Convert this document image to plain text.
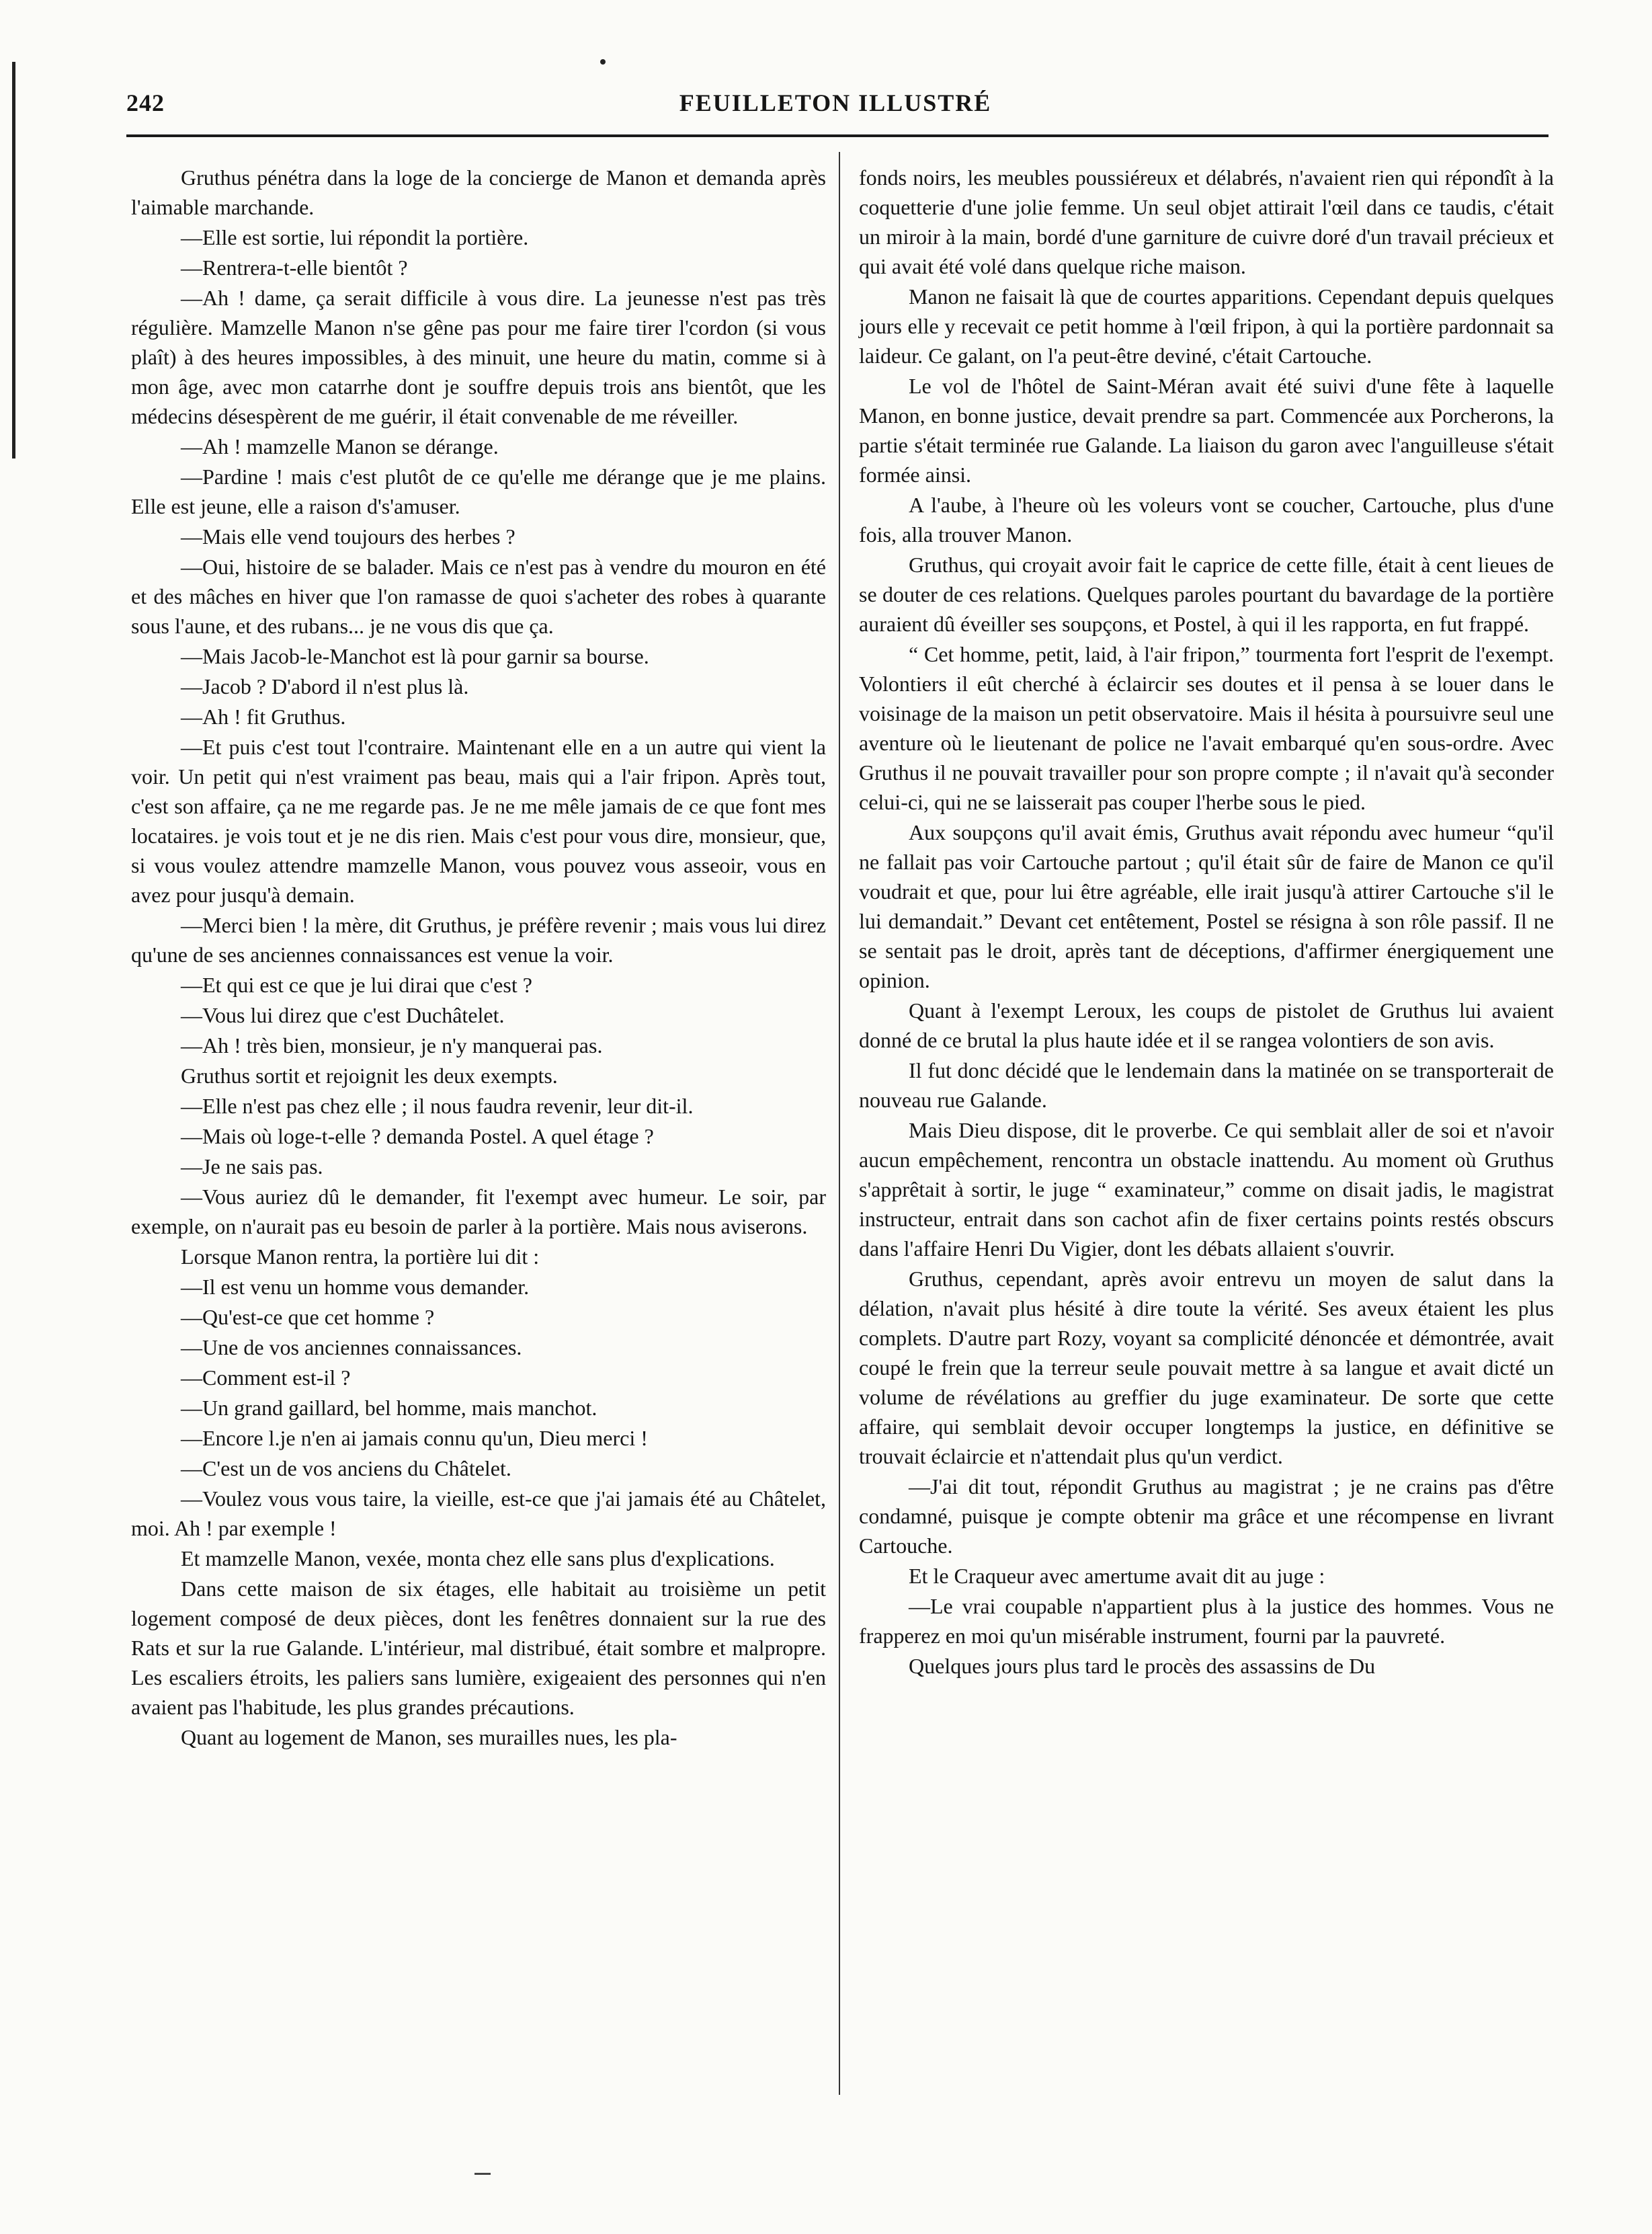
242	FEUILLETON ILLUSTRÉ

Gruthus pénétra dans la loge de la concierge de Manon et demanda après l'aimable marchande.

—Elle est sortie, lui répondit la portière.

—Rentrera-t-elle bientôt ?

—Ah ! dame, ça serait difficile à vous dire. La jeunesse n'est pas très régulière. Mamzelle Manon n'se gêne pas pour me faire tirer l'cordon (si vous plaît) à des heures impossibles, à des minuit, une heure du matin, comme si à mon âge, avec mon catarrhe dont je souffre depuis trois ans bientôt, que les médecins désespèrent de me guérir, il était convenable de me réveiller.

—Ah ! mamzelle Manon se dérange.

—Pardine ! mais c'est plutôt de ce qu'elle me dérange que je me plains. Elle est jeune, elle a raison d's'amuser.

—Mais elle vend toujours des herbes ?

—Oui, histoire de se balader. Mais ce n'est pas à vendre du mouron en été et des mâches en hiver que l'on ramasse de quoi s'acheter des robes à quarante sous l'aune, et des rubans... je ne vous dis que ça.

—Mais Jacob-le-Manchot est là pour garnir sa bourse.

—Jacob ? D'abord il n'est plus là.

—Ah ! fit Gruthus.

—Et puis c'est tout l'contraire. Maintenant elle en a un autre qui vient la voir. Un petit qui n'est vraiment pas beau, mais qui a l'air fripon. Après tout, c'est son affaire, ça ne me regarde pas. Je ne me mêle jamais de ce que font mes locataires. je vois tout et je ne dis rien. Mais c'est pour vous dire, monsieur, que, si vous voulez attendre mamzelle Manon, vous pouvez vous asseoir, vous en avez pour jusqu'à demain.

—Merci bien ! la mère, dit Gruthus, je préfère revenir ; mais vous lui direz qu'une de ses anciennes connaissances est venue la voir.

—Et qui est ce que je lui dirai que c'est ?

—Vous lui direz que c'est Duchâtelet.

—Ah ! très bien, monsieur, je n'y manquerai pas.

Gruthus sortit et rejoignit les deux exempts.

—Elle n'est pas chez elle ; il nous faudra revenir, leur dit-il.

—Mais où loge-t-elle ? demanda Postel. A quel étage ?

—Je ne sais pas.

—Vous auriez dû le demander, fit l'exempt avec humeur. Le soir, par exemple, on n'aurait pas eu besoin de parler à la portière. Mais nous aviserons.

Lorsque Manon rentra, la portière lui dit :

—Il est venu un homme vous demander.

—Qu'est-ce que cet homme ?

—Une de vos anciennes connaissances.

—Comment est-il ?

—Un grand gaillard, bel homme, mais manchot.

—Encore l.je n'en ai jamais connu qu'un, Dieu merci !

—C'est un de vos anciens du Châtelet.

—Voulez vous vous taire, la vieille, est-ce que j'ai jamais été au Châtelet, moi. Ah ! par exemple !

Et mamzelle Manon, vexée, monta chez elle sans plus d'explications.

Dans cette maison de six étages, elle habitait au troisième un petit logement composé de deux pièces, dont les fenêtres donnaient sur la rue des Rats et sur la rue Galande. L'intérieur, mal distribué, était sombre et malpropre. Les escaliers étroits, les paliers sans lumière, exigeaient des personnes qui n'en avaient pas l'habitude, les plus grandes précautions.

Quant au logement de Manon, ses murailles nues, les pla-

fonds noirs, les meubles poussiéreux et délabrés, n'avaient rien qui répondît à la coquetterie d'une jolie femme. Un seul objet attirait l'œil dans ce taudis, c'était un miroir à la main, bordé d'une garniture de cuivre doré d'un travail précieux et qui avait été volé dans quelque riche maison.

Manon ne faisait là que de courtes apparitions. Cependant depuis quelques jours elle y recevait ce petit homme à l'œil fripon, à qui la portière pardonnait sa laideur. Ce galant, on l'a peut-être deviné, c'était Cartouche.

Le vol de l'hôtel de Saint-Méran avait été suivi d'une fête à laquelle Manon, en bonne justice, devait prendre sa part. Commencée aux Porcherons, la partie s'était terminée rue Galande. La liaison du garon avec l'anguilleuse s'était formée ainsi.

A l'aube, à l'heure où les voleurs vont se coucher, Cartouche, plus d'une fois, alla trouver Manon.

Gruthus, qui croyait avoir fait le caprice de cette fille, était à cent lieues de se douter de ces relations. Quelques paroles pourtant du bavardage de la portière auraient dû éveiller ses soupçons, et Postel, à qui il les rapporta, en fut frappé.

“ Cet homme, petit, laid, à l'air fripon,” tourmenta fort l'esprit de l'exempt. Volontiers il eût cherché à éclaircir ses doutes et il pensa à se louer dans le voisinage de la maison un petit observatoire. Mais il hésita à poursuivre seul une aventure où le lieutenant de police ne l'avait embarqué qu'en sous-ordre. Avec Gruthus il ne pouvait travailler pour son propre compte ; il n'avait qu'à seconder celui-ci, qui ne se laisserait pas couper l'herbe sous le pied.

Aux soupçons qu'il avait émis, Gruthus avait répondu avec humeur “qu'il ne fallait pas voir Cartouche partout ; qu'il était sûr de faire de Manon ce qu'il voudrait et que, pour lui être agréable, elle irait jusqu'à attirer Cartouche s'il le lui demandait.” Devant cet entêtement, Postel se résigna à son rôle passif. Il ne se sentait pas le droit, après tant de déceptions, d'affirmer énergiquement une opinion.

Quant à l'exempt Leroux, les coups de pistolet de Gruthus lui avaient donné de ce brutal la plus haute idée et il se rangea volontiers de son avis.

Il fut donc décidé que le lendemain dans la matinée on se transporterait de nouveau rue Galande.

Mais Dieu dispose, dit le proverbe. Ce qui semblait aller de soi et n'avoir aucun empêchement, rencontra un obstacle inattendu. Au moment où Gruthus s'apprêtait à sortir, le juge “ examinateur,” comme on disait jadis, le magistrat instructeur, entrait dans son cachot afin de fixer certains points restés obscurs dans l'affaire Henri Du Vigier, dont les débats allaient s'ouvrir.

Gruthus, cependant, après avoir entrevu un moyen de salut dans la délation, n'avait plus hésité à dire toute la vérité. Ses aveux étaient les plus complets. D'autre part Rozy, voyant sa complicité dénoncée et démontrée, avait coupé le frein que la terreur seule pouvait mettre à sa langue et avait dicté un volume de révélations au greffier du juge examinateur. De sorte que cette affaire, qui semblait devoir occuper longtemps la justice, en définitive se trouvait éclaircie et n'attendait plus qu'un verdict.

—J'ai dit tout, répondit Gruthus au magistrat ; je ne crains pas d'être condamné, puisque je compte obtenir ma grâce et une récompense en livrant Cartouche.

Et le Craqueur avec amertume avait dit au juge :

—Le vrai coupable n'appartient plus à la justice des hommes. Vous ne frapperez en moi qu'un misérable instrument, fourni par la pauvreté.

Quelques jours plus tard le procès des assassins de Du
